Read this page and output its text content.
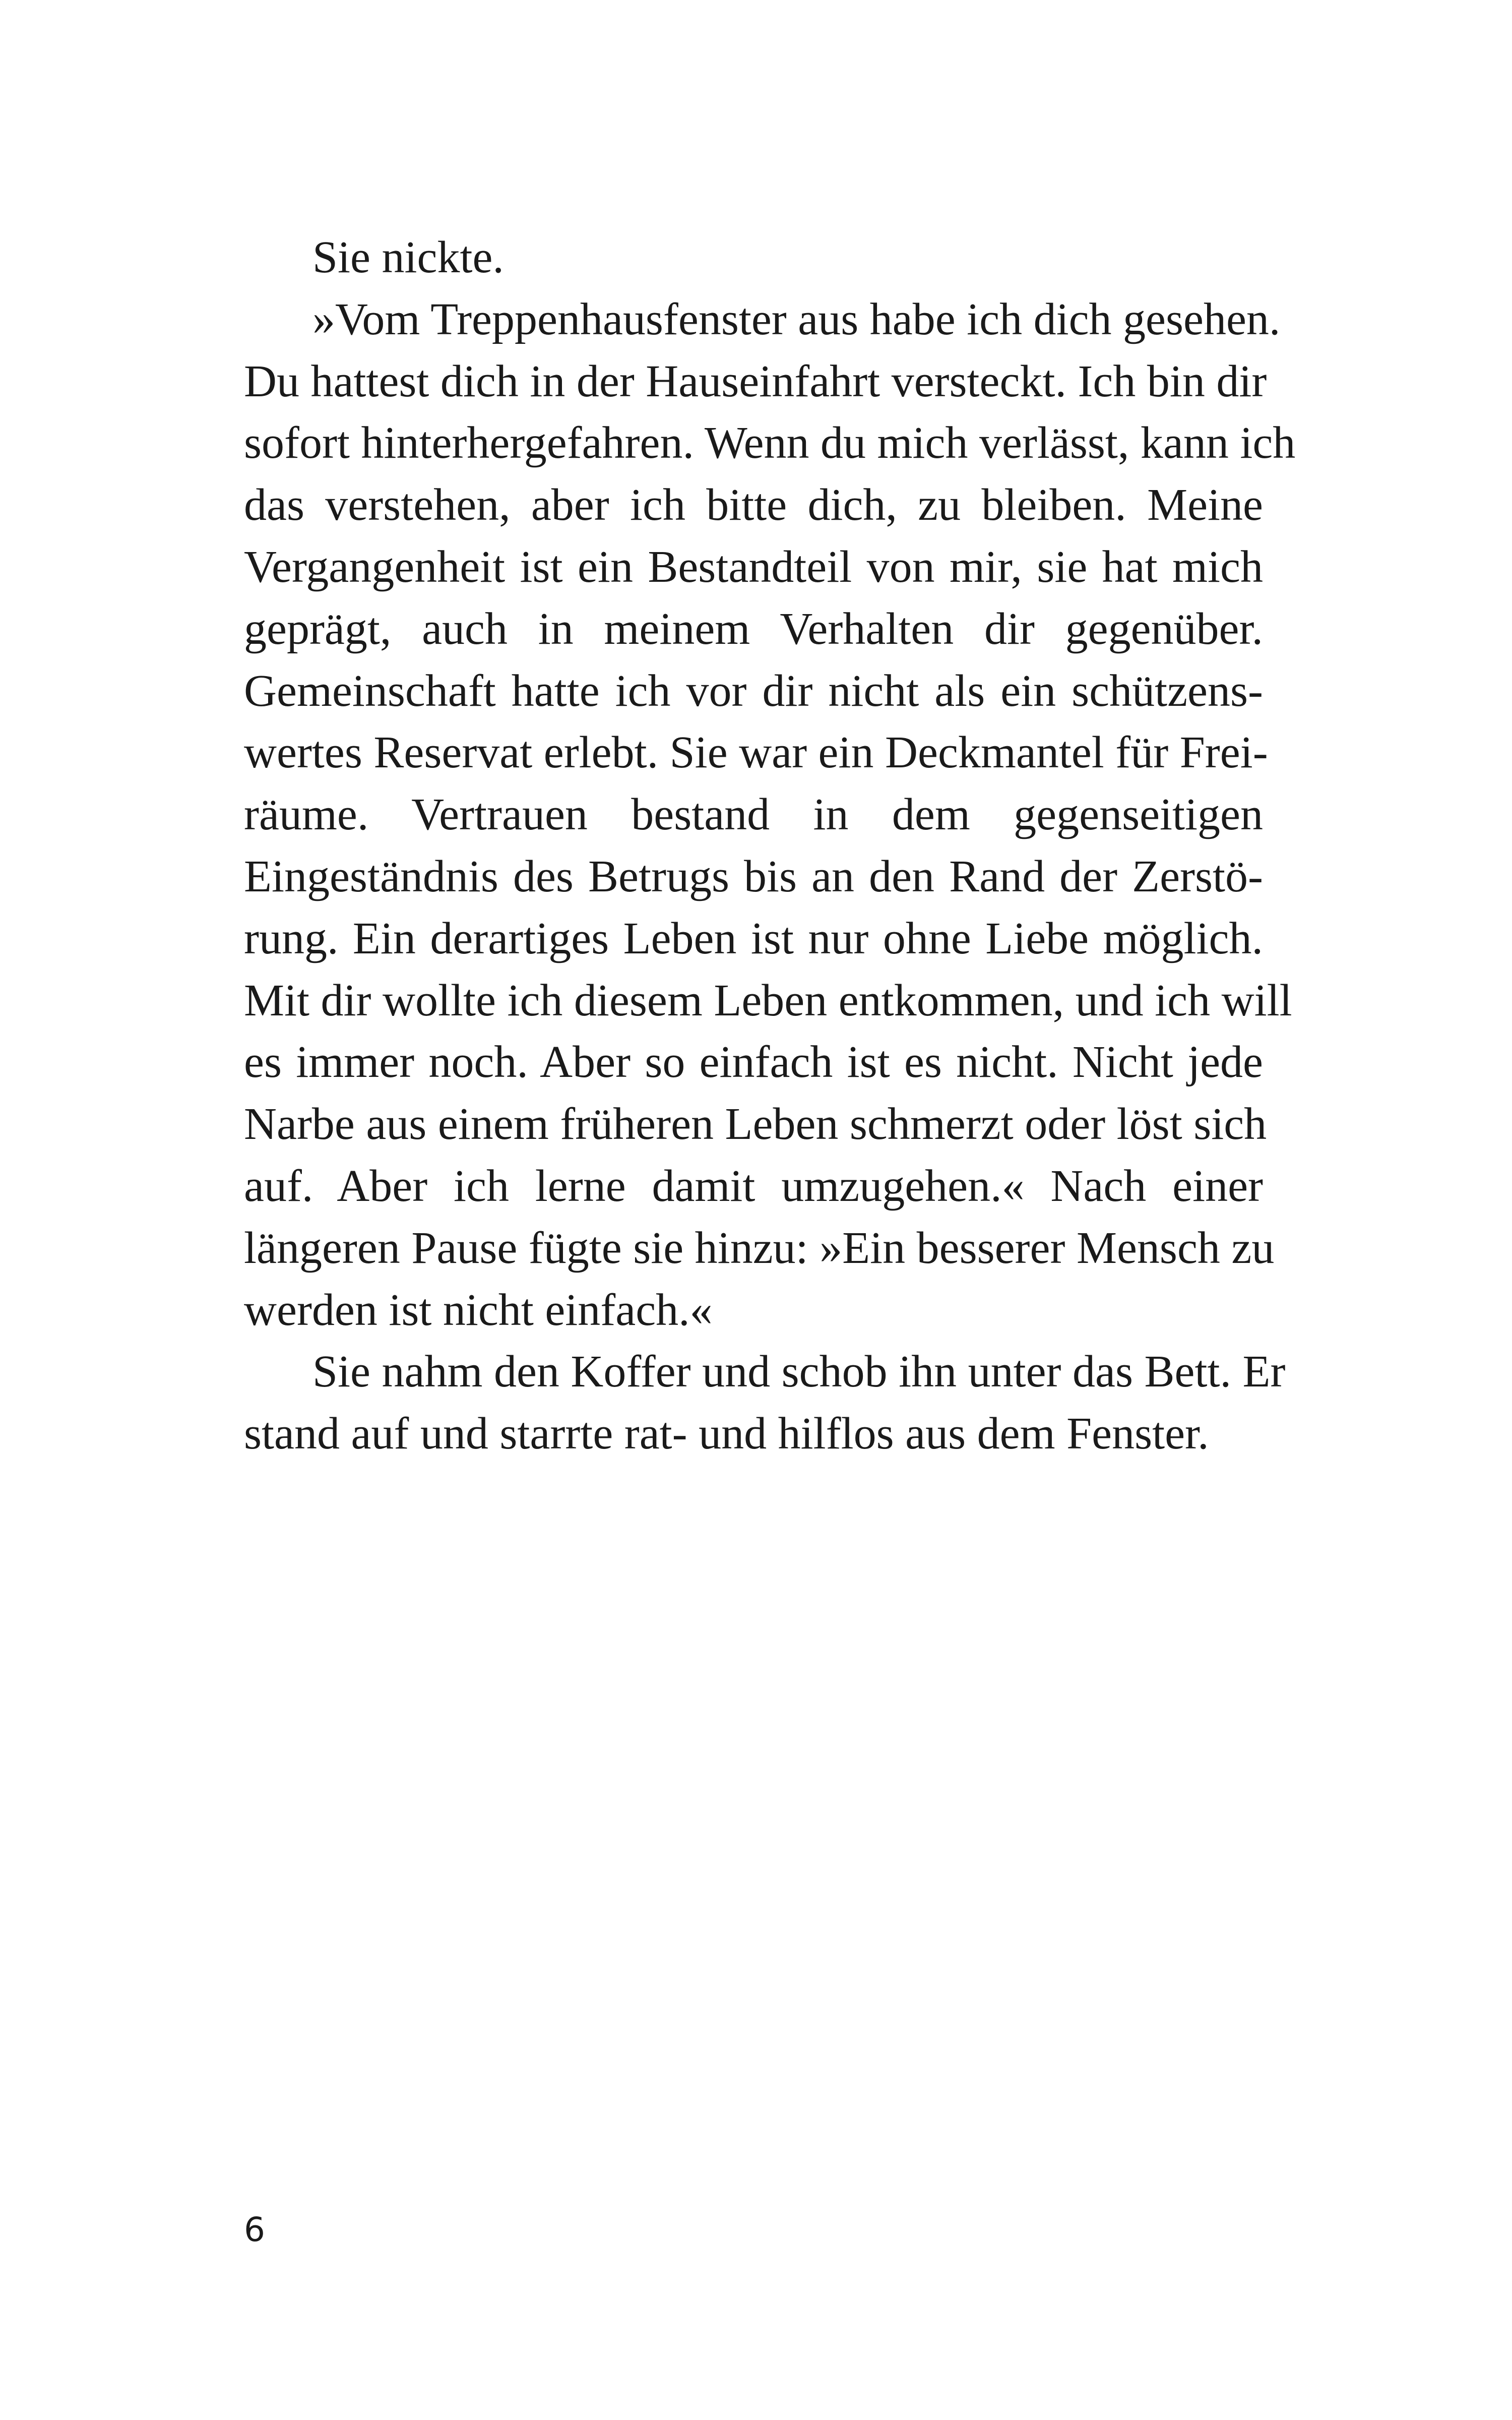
Sie nickte.
»Vom Treppenhausfenster aus habe ich dich gesehen.
Du hattest dich in der Hauseinfahrt versteckt. Ich bin dir
sofort hinterhergefahren. Wenn du mich verlässt, kann ich
das verstehen, aber ich bitte dich, zu bleiben. Meine
Vergangenheit ist ein Bestandteil von mir, sie hat mich
geprägt, auch in meinem Verhalten dir gegenüber.
Gemeinschaft hatte ich vor dir nicht als ein schützens-
wertes Reservat erlebt. Sie war ein Deckmantel für Frei-
räume. Vertrauen bestand in dem gegenseitigen
Eingeständnis des Betrugs bis an den Rand der Zerstö-
rung. Ein derartiges Leben ist nur ohne Liebe möglich.
Mit dir wollte ich diesem Leben entkommen, und ich will
es immer noch. Aber so einfach ist es nicht. Nicht jede
Narbe aus einem früheren Leben schmerzt oder löst sich
auf. Aber ich lerne damit umzugehen.« Nach einer
längeren Pause fügte sie hinzu: »Ein besserer Mensch zu
werden ist nicht einfach.«
Sie nahm den Koffer und schob ihn unter das Bett. Er
stand auf und starrte rat- und hilflos aus dem Fenster.
6
